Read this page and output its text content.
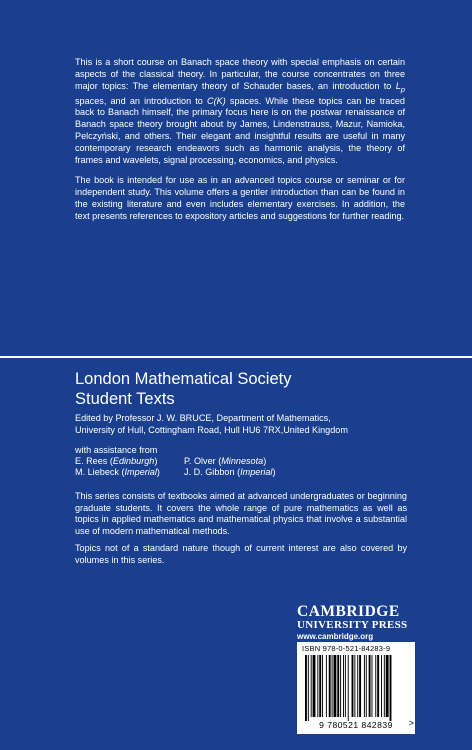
This is a short course on Banach space theory with special emphasis on certain aspects of the classical theory. In particular, the course concentrates on three major topics: The elementary theory of Schauder bases, an introduction to $L_p$ spaces, and an introduction to C(K) spaces. While these topics can be traced back to Banach himself, the primary focus here is on the postwar renaissance of Banach space theory brought about by James, Lindenstrauss, Mazur, Namioka, Pelczyński, and others. Their elegant and insightful results are useful in many contemporary research endeavors such as harmonic analysis, the theory of frames and wavelets, signal processing, economics, and physics.

The book is intended for use as in an advanced topics course or seminar or for independent study. This volume offers a gentler introduction than can be found in the existing literature and even includes elementary exercises. In addition, the text presents references to expository articles and suggestions for further reading.

London Mathematical Society
Student Texts
Edited by Professor J. W. BRUCE, Department of Mathematics,
University of Hull, Cottingham Road, Hull HU6 7RX,United Kingdom
with assistance from
E. Rees (Edinburgh)	P. Olver (Minnesota)
M. Liebeck (Imperial)	J. D. Gibbon (Imperial)

This series consists of textbooks aimed at advanced undergraduates or beginning graduate students. It covers the whole range of pure mathematics as well as topics in applied mathematics and mathematical physics that involve a substantial use of modern mathematical methods.

Topics not of a standard nature though of current interest are also covered by volumes in this series.

CAMBRIDGE
UNIVERSITY PRESS
www.cambridge.org
ISBN 978-0-521-84283-9
9 780521 842839	>
